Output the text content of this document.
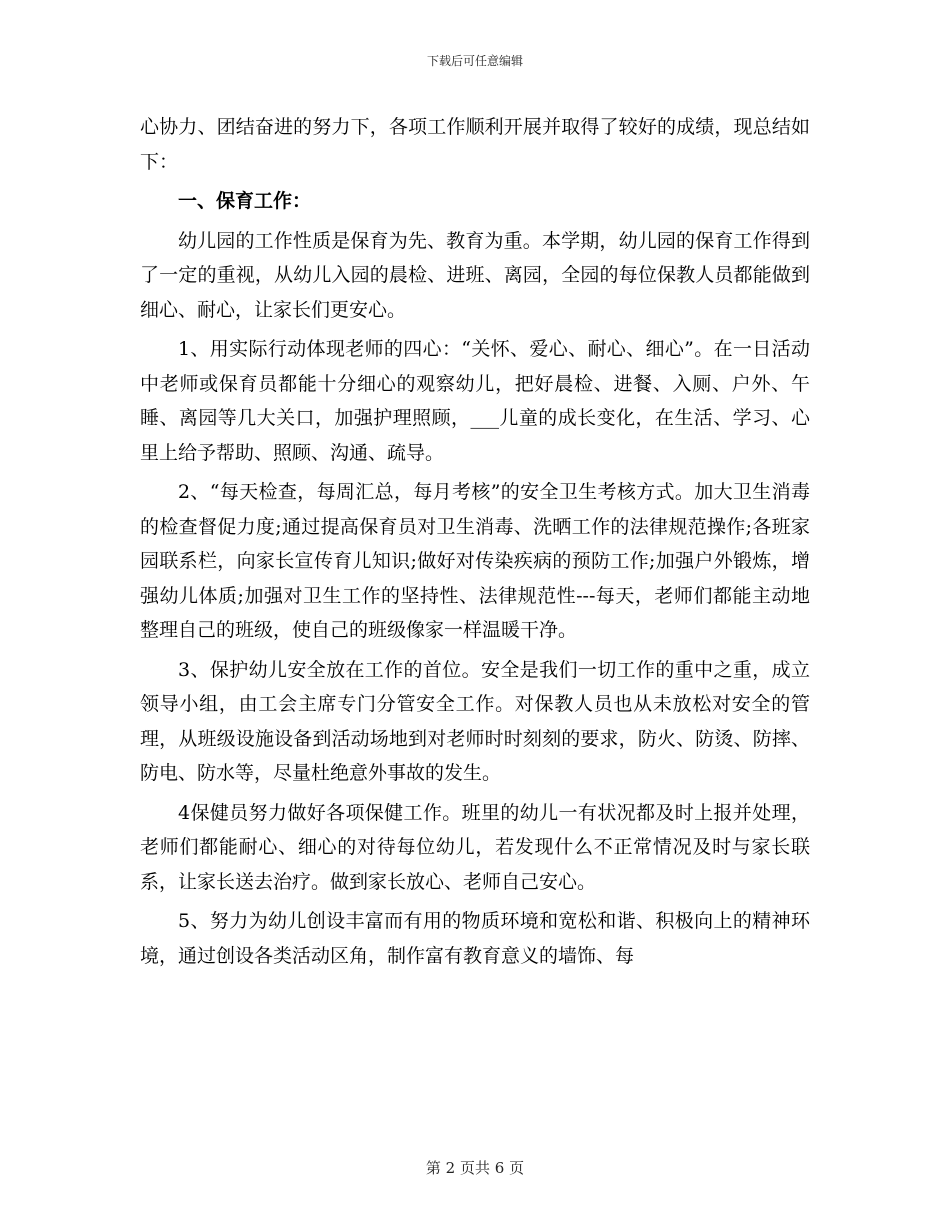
下载后可任意编辑

心协力、团结奋进的努力下，各项工作顺利开展并取得了较好的成绩，现总结如下：

一、保育工作：

幼儿园的工作性质是保育为先、教育为重。本学期，幼儿园的保育工作得到了一定的重视，从幼儿入园的晨检、进班、离园，全园的每位保教人员都能做到细心、耐心，让家长们更安心。

1、用实际行动体现老师的四心：“关怀、爱心、耐心、细心”。在一日活动中老师或保育员都能十分细心的观察幼儿，把好晨检、进餐、入厕、户外、午睡、离园等几大关口，加强护理照顾，___儿童的成长变化，在生活、学习、心里上给予帮助、照顾、沟通、疏导。

2、“每天检查，每周汇总，每月考核”的安全卫生考核方式。加大卫生消毒的检查督促力度;通过提高保育员对卫生消毒、洗晒工作的法律规范操作;各班家园联系栏，向家长宣传育儿知识;做好对传染疾病的预防工作;加强户外锻炼，增强幼儿体质;加强对卫生工作的坚持性、法律规范性---每天，老师们都能主动地整理自己的班级，使自己的班级像家一样温暖干净。

3、保护幼儿安全放在工作的首位。安全是我们一切工作的重中之重，成立领导小组，由工会主席专门分管安全工作。对保教人员也从未放松对安全的管理，从班级设施设备到活动场地到对老师时时刻刻的要求，防火、防烫、防摔、防电、防水等，尽量杜绝意外事故的发生。

4保健员努力做好各项保健工作。班里的幼儿一有状况都及时上报并处理，老师们都能耐心、细心的对待每位幼儿，若发现什么不正常情况及时与家长联系，让家长送去治疗。做到家长放心、老师自己安心。

5、努力为幼儿创设丰富而有用的物质环境和宽松和谐、积极向上的精神环境，通过创设各类活动区角，制作富有教育意义的墙饰、每

第 2 页共 6 页
